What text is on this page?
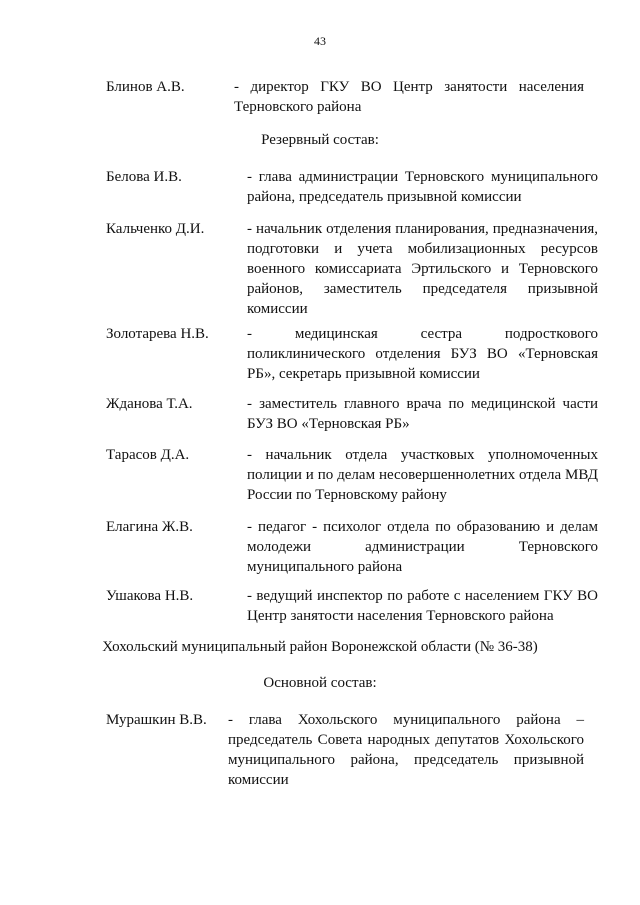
43
Блинов А.В.	- директор ГКУ ВО Центр занятости населения Терновского района
Резервный состав:
Белова И.В.	- глава администрации Терновского муниципального района, председатель призывной комиссии
Кальченко Д.И.	- начальник отделения планирования, предназначения, подготовки и учета мобилизационных ресурсов военного комиссариата Эртильского и Терновского районов, заместитель председателя призывной комиссии
Золотарева Н.В.	- медицинская сестра подросткового поликлинического отделения БУЗ ВО «Терновская РБ», секретарь призывной комиссии
Жданова Т.А.	- заместитель главного врача по медицинской части БУЗ ВО «Терновская РБ»
Тарасов Д.А.	- начальник отдела участковых уполномоченных полиции и по делам несовершеннолетних отдела МВД России по Терновскому району
Елагина Ж.В.	- педагог - психолог отдела по образованию и делам молодежи администрации Терновского муниципального района
Ушакова Н.В.	- ведущий инспектор по работе с населением ГКУ ВО Центр занятости населения Терновского района
Хохольский муниципальный район Воронежской области (№ 36-38)
Основной состав:
Мурашкин В.В. - глава Хохольского муниципального района – председатель Совета народных депутатов Хохольского муниципального района, председатель призывной комиссии
